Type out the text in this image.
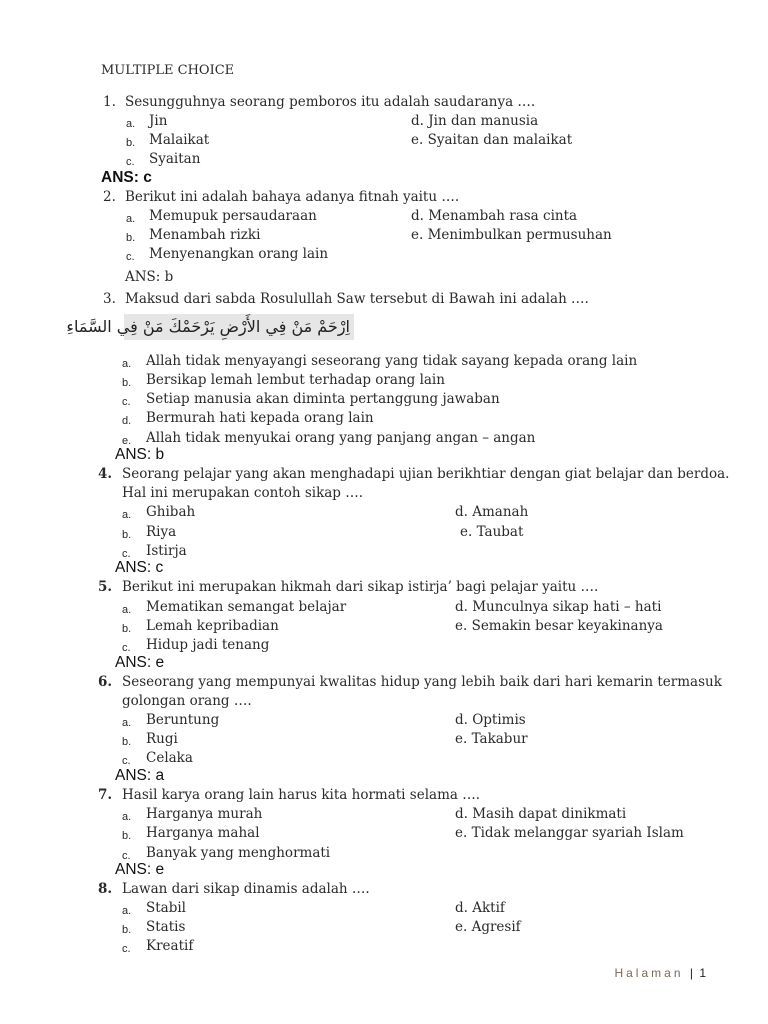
MULTIPLE CHOICE
1. Sesungguhnya seorang pemboros itu adalah saudaranya ….
a. Jin
b. Malaikat
c. Syaitan
d. Jin dan manusia
e. Syaitan dan malaikat
ANS: c
2. Berikut ini adalah bahaya adanya fitnah yaitu ….
a. Memupuk persaudaraan
b. Menambah rizki
c. Menyenangkan orang lain
d. Menambah rasa cinta
e. Menimbulkan permusuhan
ANS: b
3. Maksud dari sabda Rosulullah Saw tersebut di Bawah ini adalah ….
اِرْحَمْ مَنْ فِي الأَرْضِ يَرْحَمْكَ مَنْ فِي السَّمَاءِ
a. Allah tidak menyayangi seseorang yang tidak sayang kepada orang lain
b. Bersikap lemah lembut terhadap orang lain
c. Setiap manusia akan diminta pertanggung jawaban
d. Bermurah hati kepada orang lain
e. Allah tidak menyukai orang yang panjang angan – angan
ANS: b
4. Seorang pelajar yang akan menghadapi ujian berikhtiar dengan giat belajar dan berdoa.
Hal ini merupakan contoh sikap ….
a. Ghibah
b. Riya
c. Istirja
d. Amanah
e. Taubat
ANS: c
5. Berikut ini merupakan hikmah dari sikap istirja’ bagi pelajar yaitu ….
a. Mematikan semangat belajar
b. Lemah kepribadian
c. Hidup jadi tenang
d. Munculnya sikap hati – hati
e. Semakin besar keyakinanya
ANS: e
6. Seseorang yang mempunyai kwalitas hidup yang lebih baik dari hari kemarin termasuk
golongan orang ….
a. Beruntung
b. Rugi
c. Celaka
d. Optimis
e. Takabur
ANS: a
7. Hasil karya orang lain harus kita hormati selama ….
a. Harganya murah
b. Harganya mahal
c. Banyak yang menghormati
d. Masih dapat dinikmati
e. Tidak melanggar syariah Islam
ANS: e
8. Lawan dari sikap dinamis adalah ….
a. Stabil
b. Statis
c. Kreatif
d. Aktif
e. Agresif
Halaman | 1
